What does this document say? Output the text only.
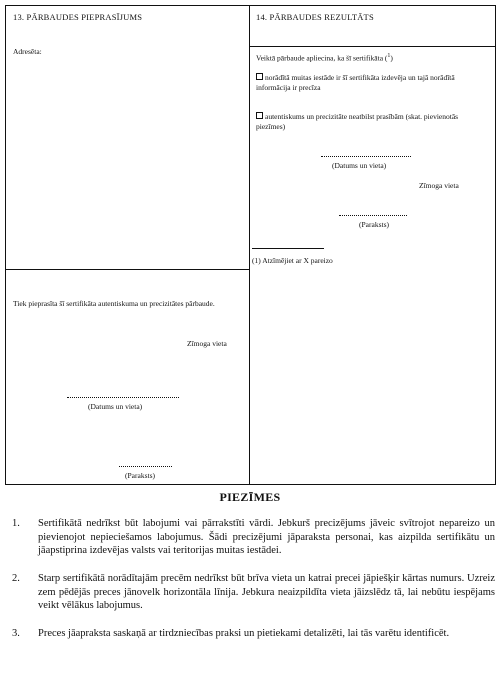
13. PĀRBAUDES PIEPRASĪJUMS
Adresēta:
Tiek pieprasīta šī sertifikāta autentiskuma un precizitātes pārbaude.
Zīmoga vieta
(Datums un vieta)
(Paraksts)
14. PĀRBAUDES REZULTĀTS
Veiktā pārbaude apliecina, ka šī sertifikāta ($^1$)
norādītā muitas iestāde ir šī sertifikāta izdevēja un tajā norādītā informācija ir precīza
autentiskums un precizitāte neatbilst prasībām (skat. pievienotās piezīmes)
(Datums un vieta)
Zīmoga vieta
(Paraksts)
(1) Atzīmējiet ar X pareizo
PIEZĪMES
1. Sertifikātā nedrīkst būt labojumi vai pārrakstīti vārdi. Jebkurš precizējums jāveic svītrojot nepareizo un pievienojot nepieciešamos labojumus. Šādi precizējumi jāparaksta personai, kas aizpilda sertifikātu un jāapstiprina izdevējas valsts vai teritorijas muitas iestādei.
2. Starp sertifikātā norādītajām precēm nedrīkst būt brīva vieta un katrai precei jāpiešķir kārtas numurs. Uzreiz zem pēdējās preces jānovelk horizontāla līnija. Jebkura neaizpildīta vieta jāizslēdz tā, lai nebūtu iespējams veikt vēlākus labojumus.
3. Preces jāapraksta saskaņā ar tirdzniecības praksi un pietiekami detalizēti, lai tās varētu identificēt.
